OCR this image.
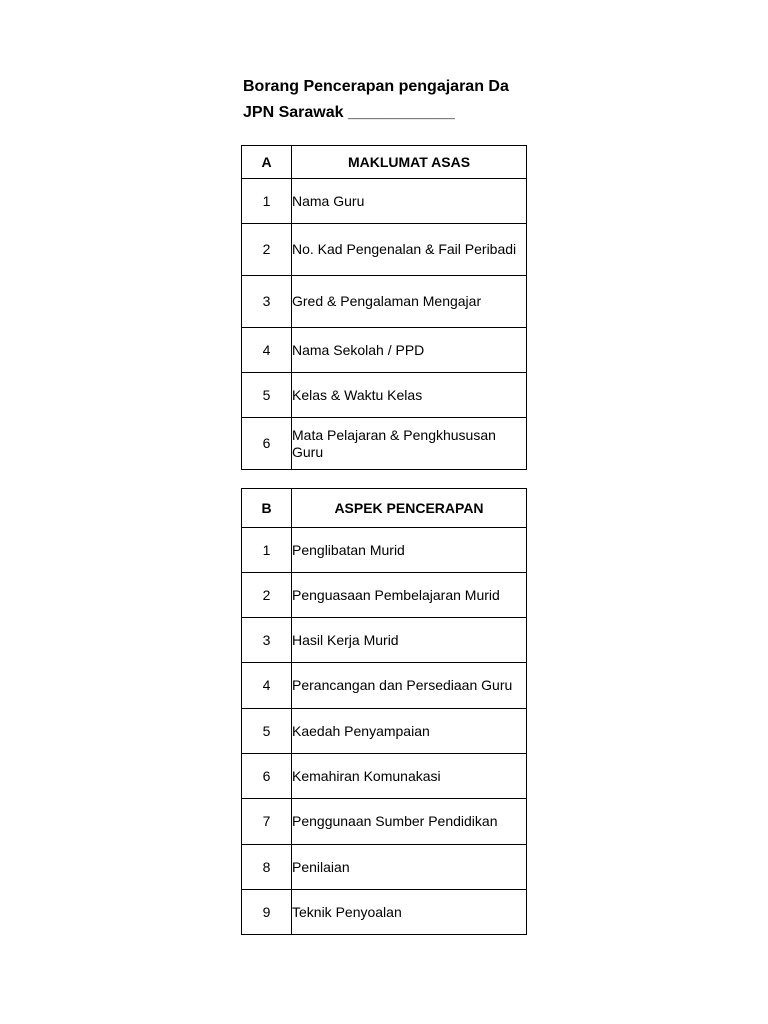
Borang Pencerapan pengajaran Da
JPN Sarawak ____________
A	MAKLUMAT ASAS
1	Nama Guru
2	No. Kad Pengenalan & Fail Peribadi
3	Gred & Pengalaman Mengajar
4	Nama Sekolah / PPD
5	Kelas & Waktu Kelas
6	Mata Pelajaran & Pengkhususan Guru
B	ASPEK PENCERAPAN
1	Penglibatan Murid
2	Penguasaan Pembelajaran Murid
3	Hasil Kerja Murid
4	Perancangan dan Persediaan Guru
5	Kaedah Penyampaian
6	Kemahiran Komunakasi
7	Penggunaan Sumber Pendidikan
8	Penilaian
9	Teknik Penyoalan
